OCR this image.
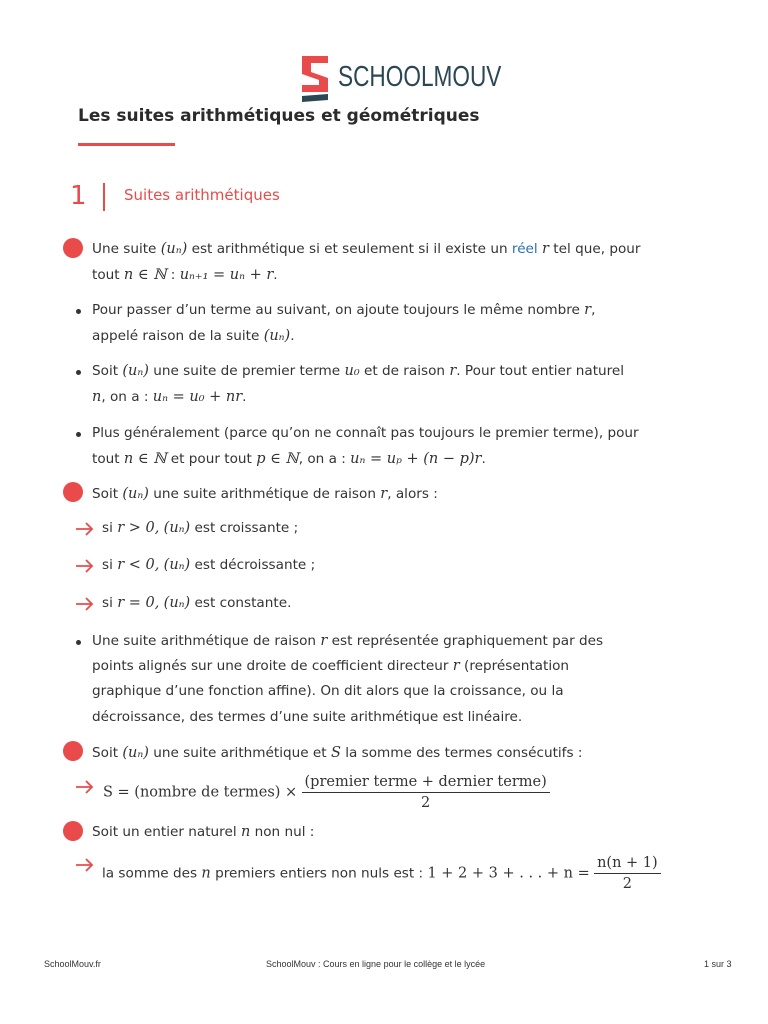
SCHOOLMOUV
Les suites arithmétiques et géométriques
1 Suites arithmétiques
Une suite (uₙ) est arithmétique si et seulement si il existe un réel r tel que, pour
tout n ∈ ℕ : uₙ₊₁ = uₙ + r.
Pour passer d’un terme au suivant, on ajoute toujours le même nombre r,
appelé raison de la suite (uₙ).
Soit (uₙ) une suite de premier terme u₀ et de raison r. Pour tout entier naturel
n, on a : uₙ = u₀ + nr.
Plus généralement (parce qu’on ne connaît pas toujours le premier terme), pour
tout n ∈ ℕ et pour tout p ∈ ℕ, on a : uₙ = uₚ + (n − p)r.
Soit (uₙ) une suite arithmétique de raison r, alors :
si r > 0, (uₙ) est croissante ;
si r < 0, (uₙ) est décroissante ;
si r = 0, (uₙ) est constante.
Une suite arithmétique de raison r est représentée graphiquement par des
points alignés sur une droite de coefficient directeur r (représentation
graphique d’une fonction affine). On dit alors que la croissance, ou la
décroissance, des termes d’une suite arithmétique est linéaire.
Soit (uₙ) une suite arithmétique et S la somme des termes consécutifs :
S = (nombre de termes) × $\frac{\text{(premier terme + dernier terme)}}{2}$
Soit un entier naturel n non nul :
la somme des n premiers entiers non nuls est : 1 + 2 + 3 + . . . + $n = \frac{n(n + 1)}{2}$
SchoolMouv.fr	SchoolMouv : Cours en ligne pour le collège et le lycée	1 sur 3
